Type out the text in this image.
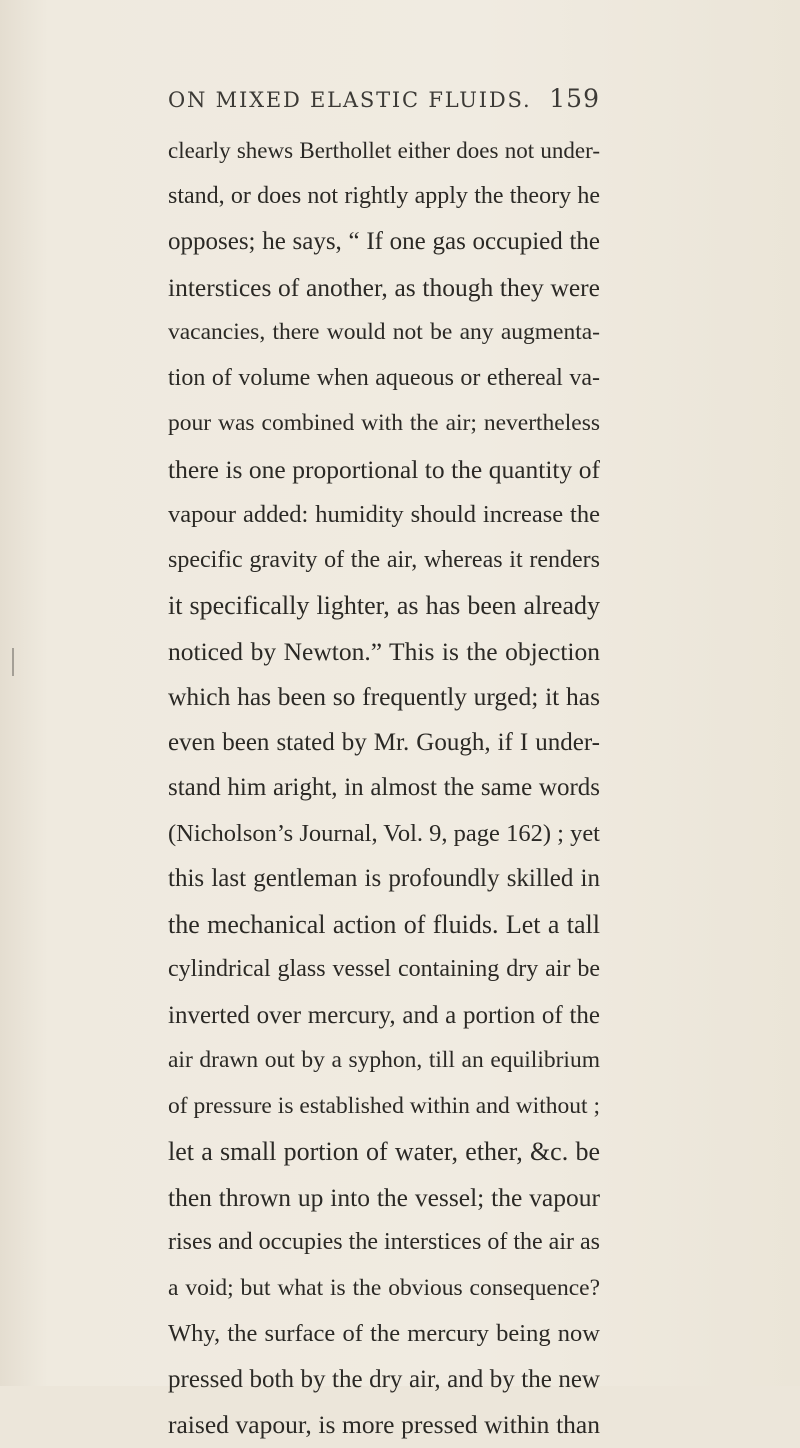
ON MIXED ELASTIC FLUIDS. 159
clearly shews Berthollet either does not under-
stand, or does not rightly apply the theory he
opposes; he says, “ If one gas occupied the
interstices of another, as though they were
vacancies, there would not be any augmenta-
tion of volume when aqueous or ethereal va-
pour was combined with the air; nevertheless
there is one proportional to the quantity of
vapour added: humidity should increase the
specific gravity of the air, whereas it renders
it specifically lighter, as has been already
noticed by Newton.” This is the objection
which has been so frequently urged; it has
even been stated by Mr. Gough, if I under-
stand him aright, in almost the same words
(Nicholson’s Journal, Vol. 9, page 162) ; yet
this last gentleman is profoundly skilled in
the mechanical action of fluids. Let a tall
cylindrical glass vessel containing dry air be
inverted over mercury, and a portion of the
air drawn out by a syphon, till an equilibrium
of pressure is established within and without ;
let a small portion of water, ether, &c. be
then thrown up into the vessel; the vapour
rises and occupies the interstices of the air as
a void; but what is the obvious consequence?
Why, the surface of the mercury being now
pressed both by the dry air, and by the new
raised vapour, is more pressed within than
